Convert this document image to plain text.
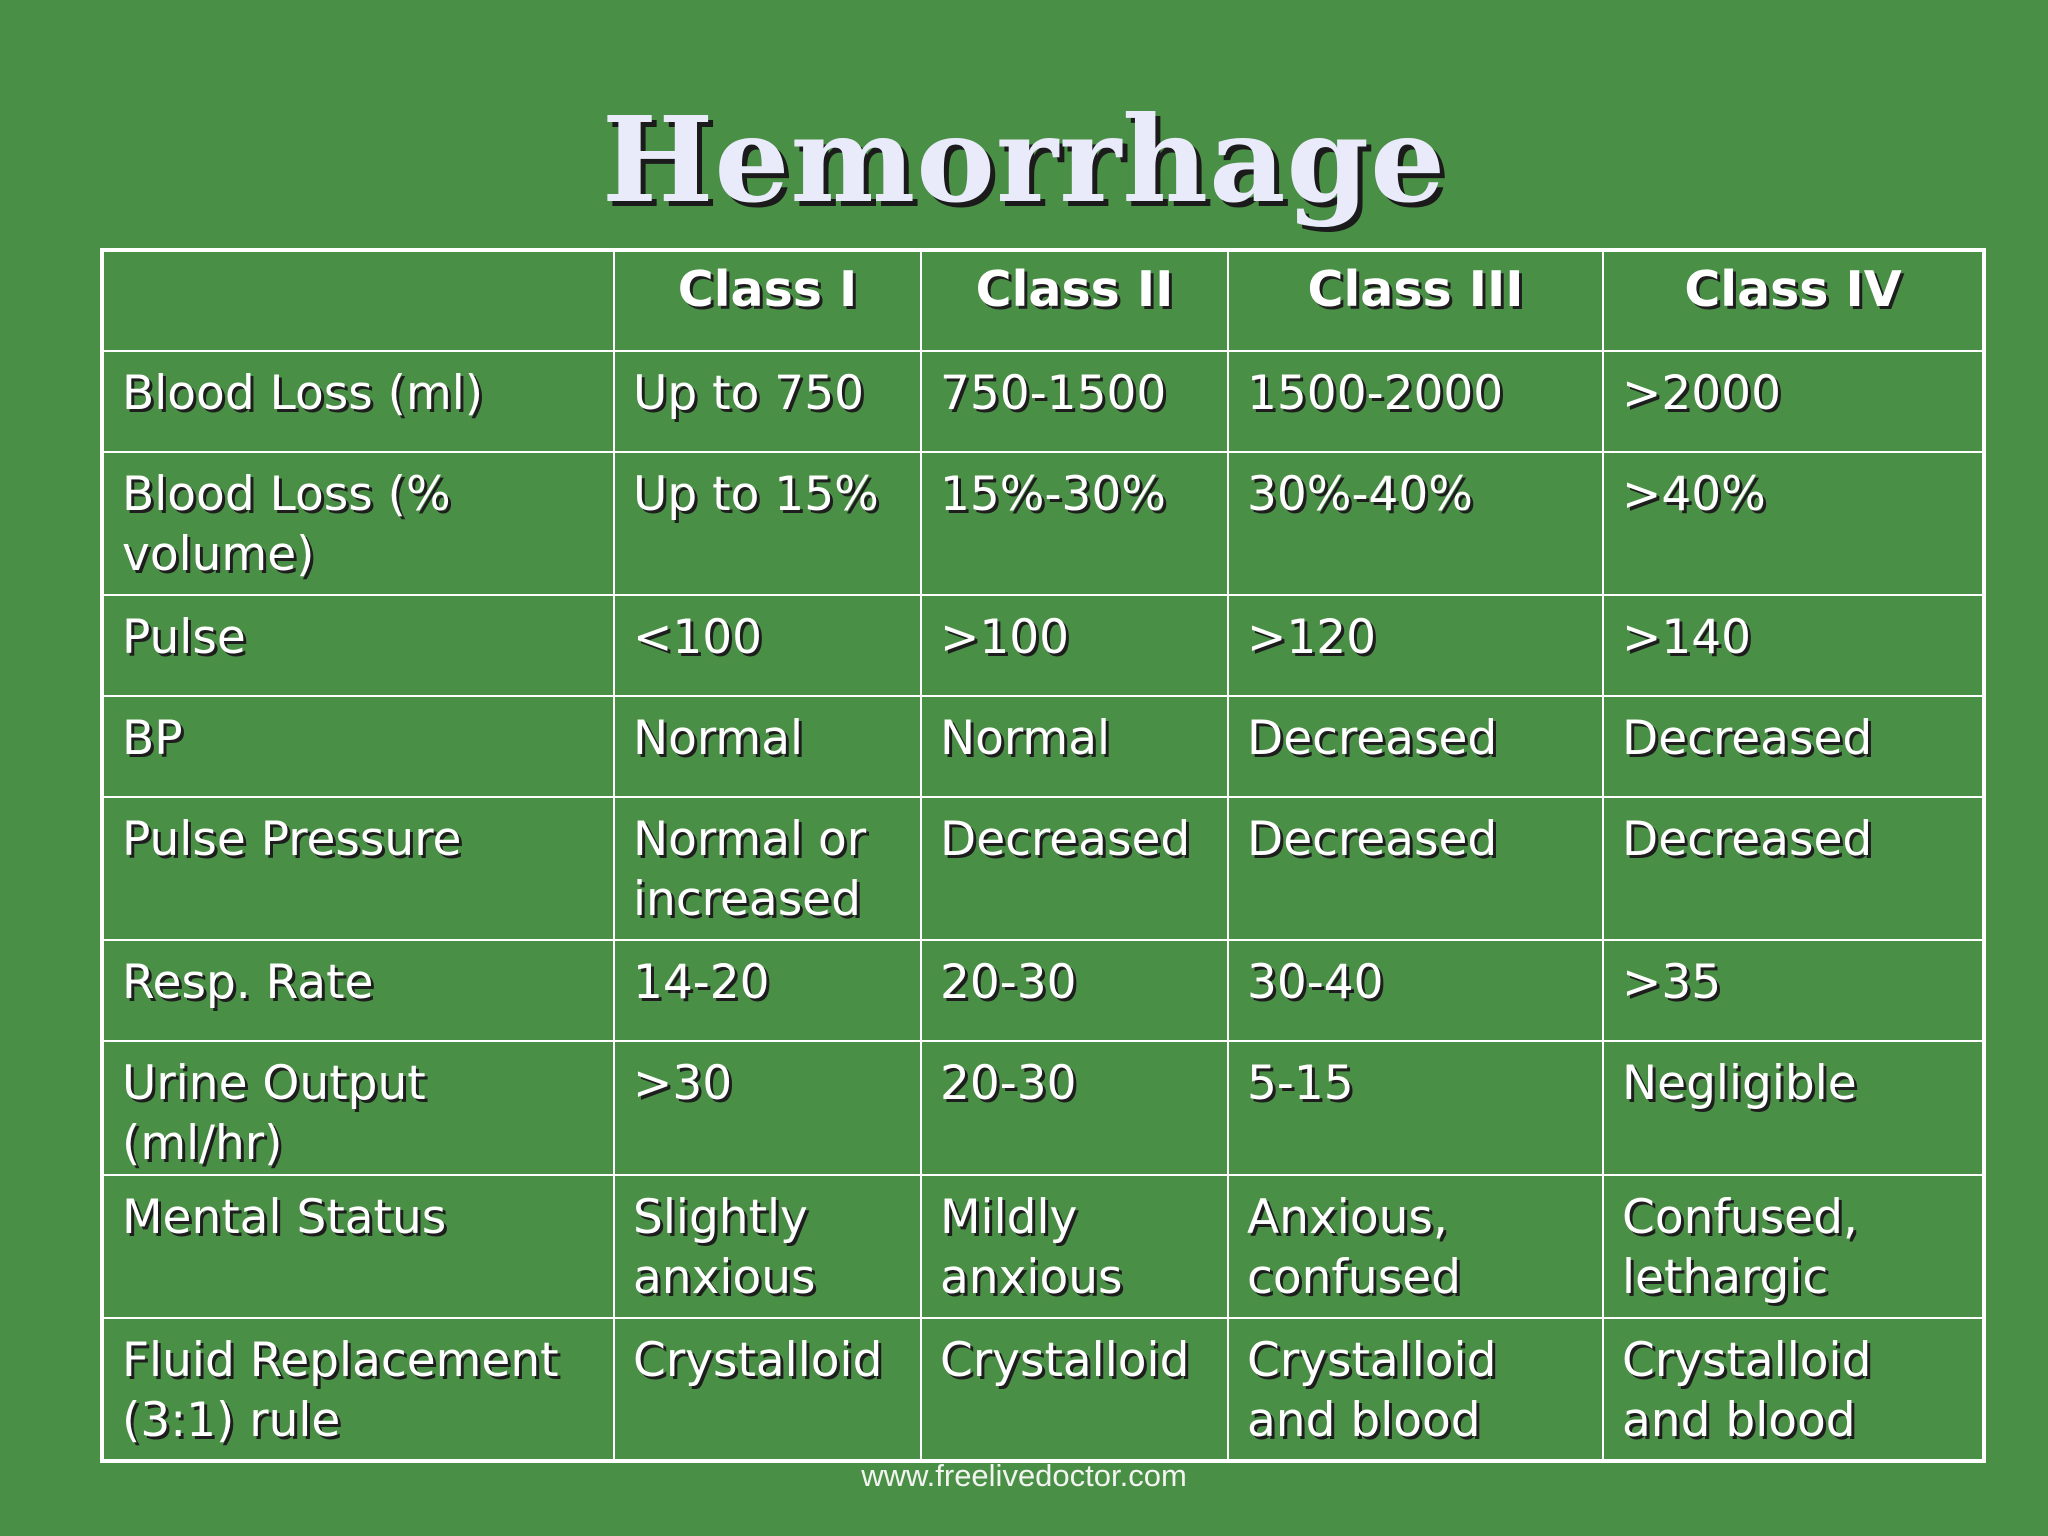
Hemorrhage
	Class I	Class II	Class III	Class IV
Blood Loss (ml)	Up to 750	750-1500	1500-2000	>2000
Blood Loss (% volume)	Up to 15%	15%-30%	30%-40%	>40%
Pulse	<100	>100	>120	>140
BP	Normal	Normal	Decreased	Decreased
Pulse Pressure	Normal or increased	Decreased	Decreased	Decreased
Resp. Rate	14-20	20-30	30-40	>35
Urine Output (ml/hr)	>30	20-30	5-15	Negligible
Mental Status	Slightly anxious	Mildly anxious	Anxious, confused	Confused, lethargic
Fluid Replacement (3:1) rule	Crystalloid	Crystalloid	Crystalloid and blood	Crystalloid and blood
www.freelivedoctor.com
